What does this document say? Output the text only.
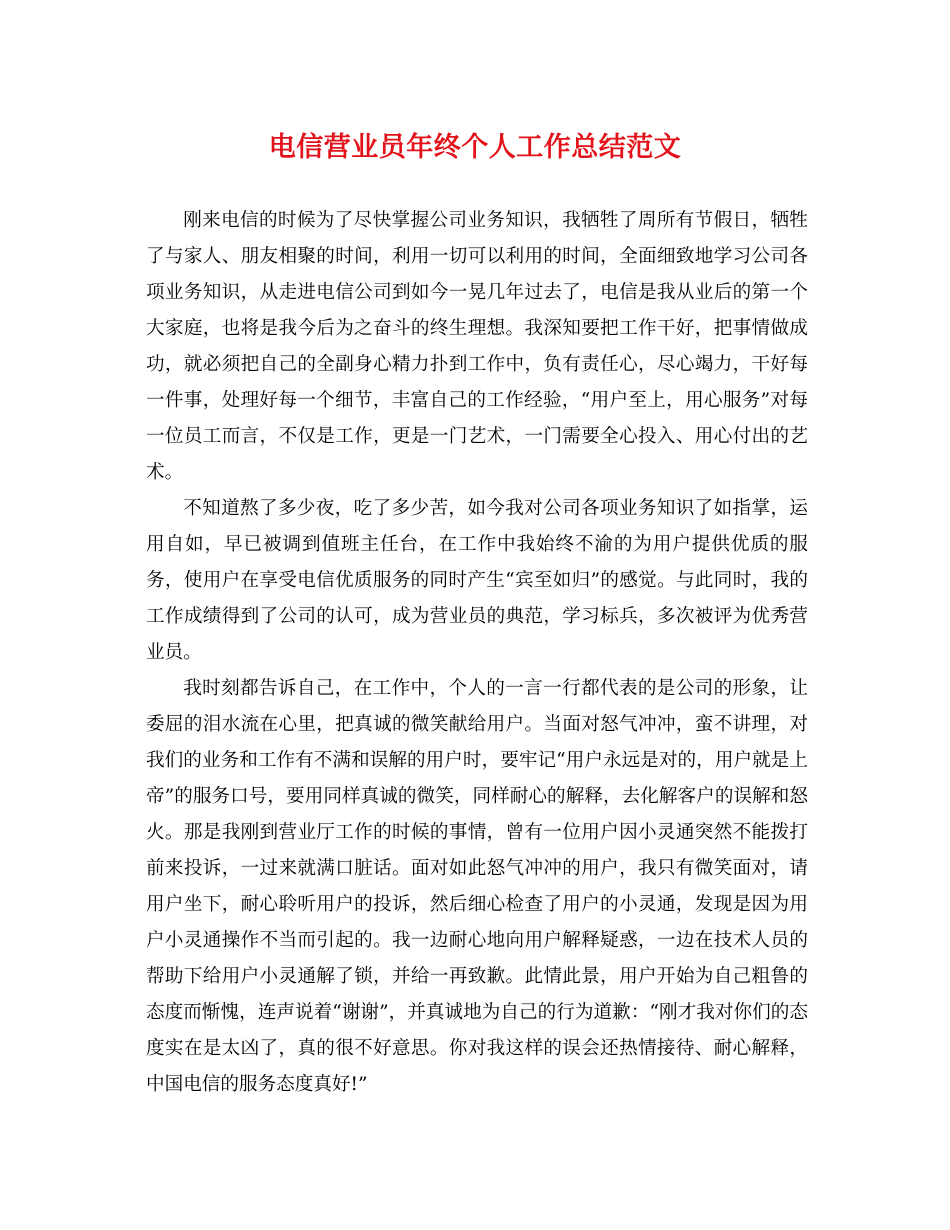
电信营业员年终个人工作总结范文

刚来电信的时候为了尽快掌握公司业务知识，我牺牲了周所有节假日，牺牲了与家人、朋友相聚的时间，利用一切可以利用的时间，全面细致地学习公司各项业务知识，从走进电信公司到如今一晃几年过去了，电信是我从业后的第一个大家庭，也将是我今后为之奋斗的终生理想。我深知要把工作干好，把事情做成功，就必须把自己的全副身心精力扑到工作中，负有责任心，尽心竭力，干好每一件事，处理好每一个细节，丰富自己的工作经验，“用户至上，用心服务”对每一位员工而言，不仅是工作，更是一门艺术，一门需要全心投入、用心付出的艺术。

不知道熬了多少夜，吃了多少苦，如今我对公司各项业务知识了如指掌，运用自如，早已被调到值班主任台，在工作中我始终不渝的为用户提供优质的服务，使用户在享受电信优质服务的同时产生“宾至如归”的感觉。与此同时，我的工作成绩得到了公司的认可，成为营业员的典范，学习标兵，多次被评为优秀营业员。

我时刻都告诉自己，在工作中，个人的一言一行都代表的是公司的形象，让委屈的泪水流在心里，把真诚的微笑献给用户。当面对怒气冲冲，蛮不讲理，对我们的业务和工作有不满和误解的用户时，要牢记“用户永远是对的，用户就是上帝”的服务口号，要用同样真诚的微笑，同样耐心的解释，去化解客户的误解和怒火。那是我刚到营业厅工作的时候的事情，曾有一位用户因小灵通突然不能拨打前来投诉，一过来就满口脏话。面对如此怒气冲冲的用户，我只有微笑面对，请用户坐下，耐心聆听用户的投诉，然后细心检查了用户的小灵通，发现是因为用户小灵通操作不当而引起的。我一边耐心地向用户解释疑惑，一边在技术人员的帮助下给用户小灵通解了锁，并给一再致歉。此情此景，用户开始为自己粗鲁的态度而惭愧，连声说着“谢谢”，并真诚地为自己的行为道歉：“刚才我对你们的态度实在是太凶了，真的很不好意思。你对我这样的误会还热情接待、耐心解释，中国电信的服务态度真好!”
